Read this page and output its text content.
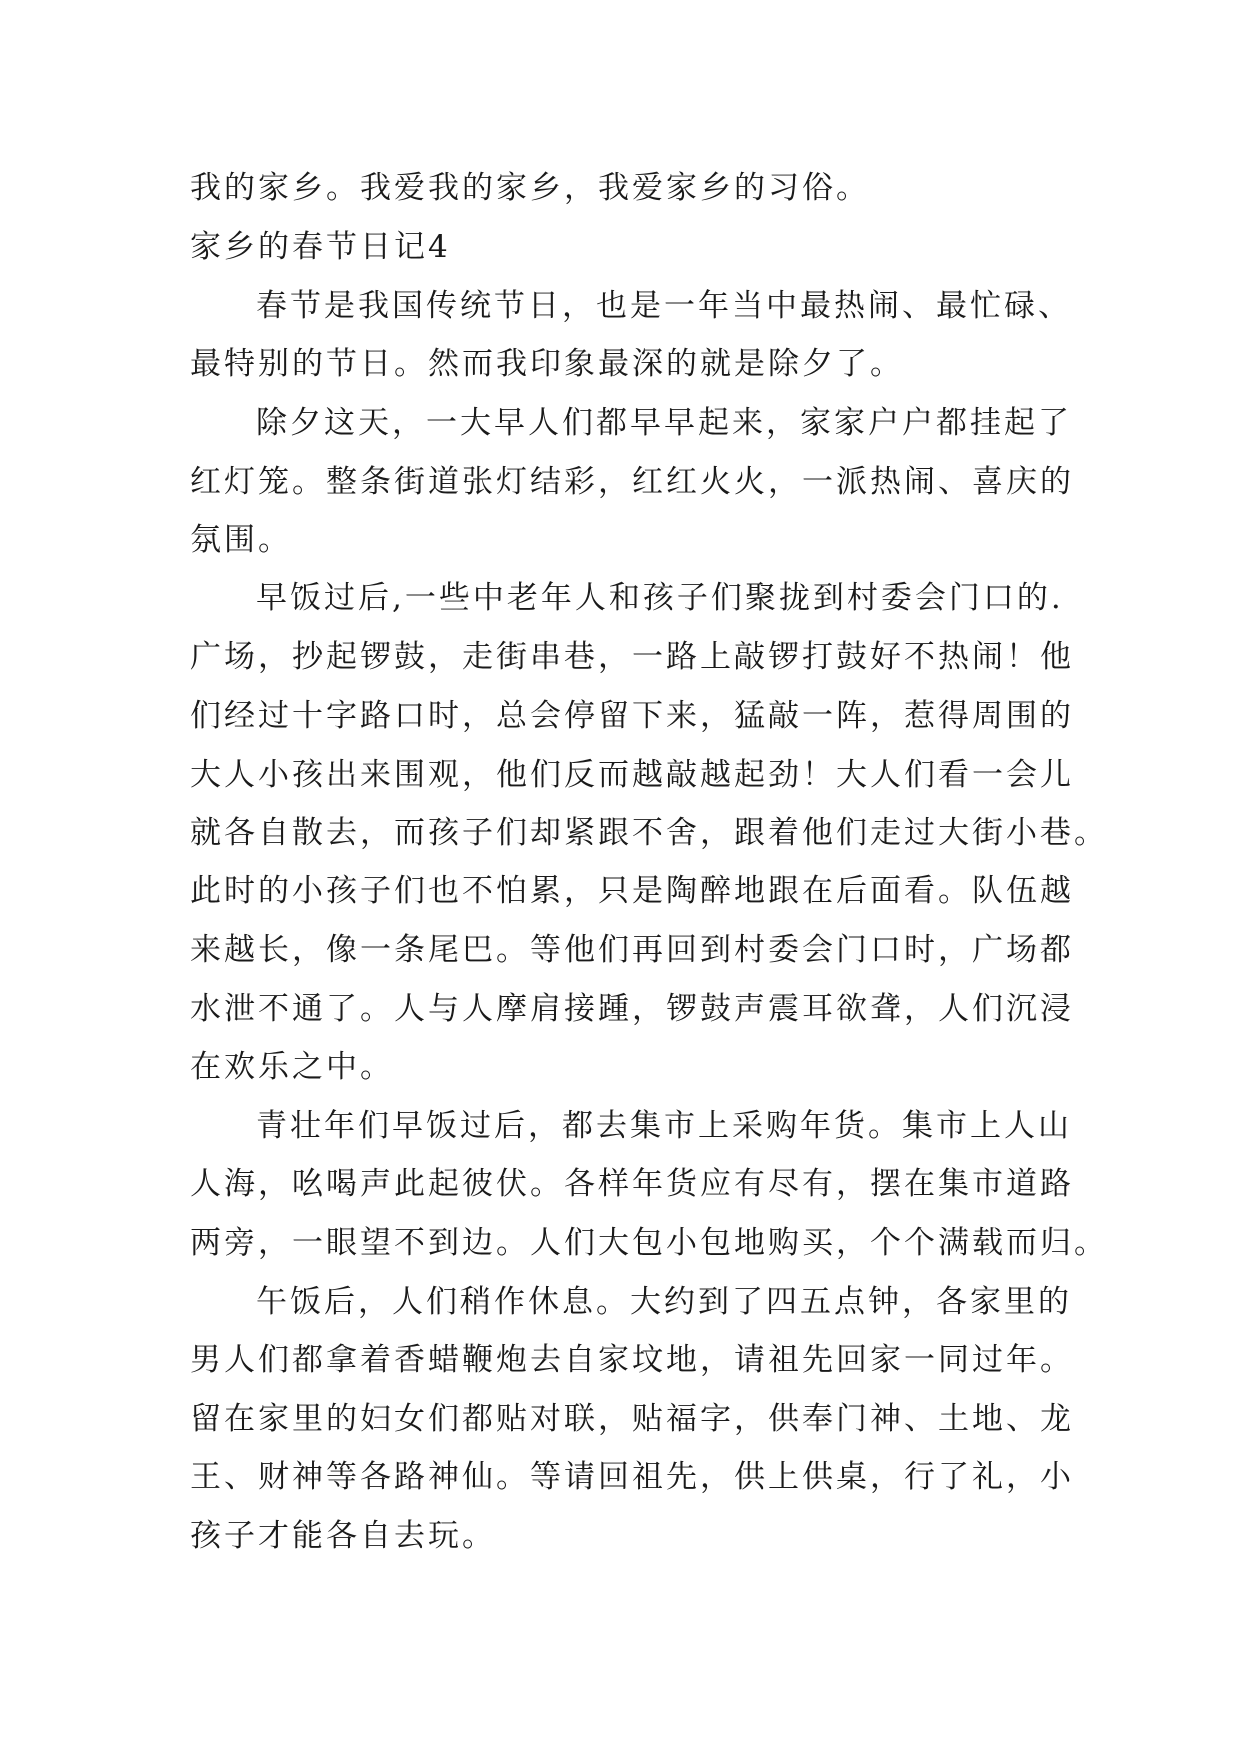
我的家乡。我爱我的家乡，我爱家乡的习俗。
家乡的春节日记4
春节是我国传统节日，也是一年当中最热闹、最忙碌、
最特别的节日。然而我印象最深的就是除夕了。
除夕这天，一大早人们都早早起来，家家户户都挂起了
红灯笼。整条街道张灯结彩，红红火火，一派热闹、喜庆的
氛围。
早饭过后,一些中老年人和孩子们聚拢到村委会门口的.
广场，抄起锣鼓，走街串巷，一路上敲锣打鼓好不热闹！他
们经过十字路口时，总会停留下来，猛敲一阵，惹得周围的
大人小孩出来围观，他们反而越敲越起劲！大人们看一会儿
就各自散去，而孩子们却紧跟不舍，跟着他们走过大街小巷。
此时的小孩子们也不怕累，只是陶醉地跟在后面看。队伍越
来越长，像一条尾巴。等他们再回到村委会门口时，广场都
水泄不通了。人与人摩肩接踵，锣鼓声震耳欲聋，人们沉浸
在欢乐之中。
青壮年们早饭过后，都去集市上采购年货。集市上人山
人海，吆喝声此起彼伏。各样年货应有尽有，摆在集市道路
两旁，一眼望不到边。人们大包小包地购买，个个满载而归。
午饭后，人们稍作休息。大约到了四五点钟，各家里的
男人们都拿着香蜡鞭炮去自家坟地，请祖先回家一同过年。
留在家里的妇女们都贴对联，贴福字，供奉门神、土地、龙
王、财神等各路神仙。等请回祖先，供上供桌，行了礼，小
孩子才能各自去玩。
